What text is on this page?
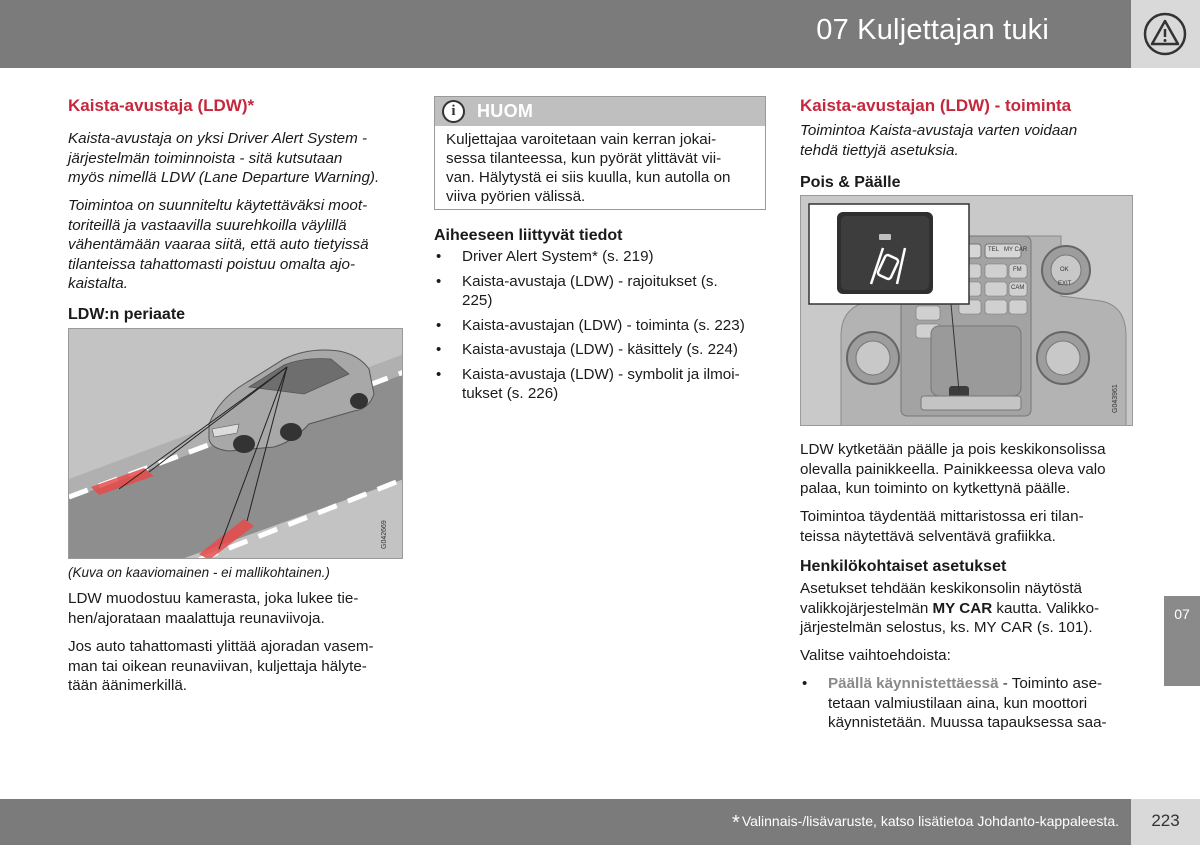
07 Kuljettajan tuki
Kaista-avustaja (LDW)*
Kaista-avustaja on yksi Driver Alert System -
järjestelmän toiminnoista - sitä kutsutaan
myös nimellä LDW (Lane Departure Warning).
Toimintoa on suunniteltu käytettäväksi moot-
toriteillä ja vastaavilla suurehkoilla väylillä
vähentämään vaaraa siitä, että auto tietyissä
tilanteissa tahattomasti poistuu omalta ajo-
kaistalta.
LDW:n periaate
G042669
(Kuva on kaaviomainen - ei mallikohtainen.)
LDW muodostuu kamerasta, joka lukee tie-
hen/ajorataan maalattuja reunaviivoja.
Jos auto tahattomasti ylittää ajoradan vasem-
man tai oikean reunaviivan, kuljettaja hälyte-
tään äänimerkillä.
i	HUOM
Kuljettajaa varoitetaan vain kerran jokai-
sessa tilanteessa, kun pyörät ylittävät vii-
van. Hälytystä ei siis kuulla, kun autolla on
viiva pyörien välissä.
Aiheeseen liittyvät tiedot
• Driver Alert System* (s. 219)
• Kaista-avustaja (LDW) - rajoitukset (s.
225)
• Kaista-avustajan (LDW) - toiminta (s. 223)
• Kaista-avustaja (LDW) - käsittely (s. 224)
• Kaista-avustaja (LDW) - symbolit ja ilmoi-
tukset (s. 226)
Kaista-avustajan (LDW) - toiminta
Toimintoa Kaista-avustaja varten voidaan
tehdä tiettyjä asetuksia.
Pois & Päälle
TEL MY CAR
FM
CAM
OK
EXIT
G043961
LDW kytketään päälle ja pois keskikonsolissa
olevalla painikkeella. Painikkeessa oleva valo
palaa, kun toiminto on kytkettynä päälle.
Toimintoa täydentää mittaristossa eri tilan-
teissa näytettävä selventävä grafiikka.
Henkilökohtaiset asetukset
Asetukset tehdään keskikonsolin näytöstä
valikkojärjestelmän MY CAR kautta. Valikko-
järjestelmän selostus, ks. MY CAR (s. 101).
Valitse vaihtoehdoista:
• Päällä käynnistettäessä - Toiminto ase-
tetaan valmiustilaan aina, kun moottori
käynnistetään. Muussa tapauksessa saa-
07
* Valinnais-/lisävaruste, katso lisätietoa Johdanto-kappaleesta.	223
